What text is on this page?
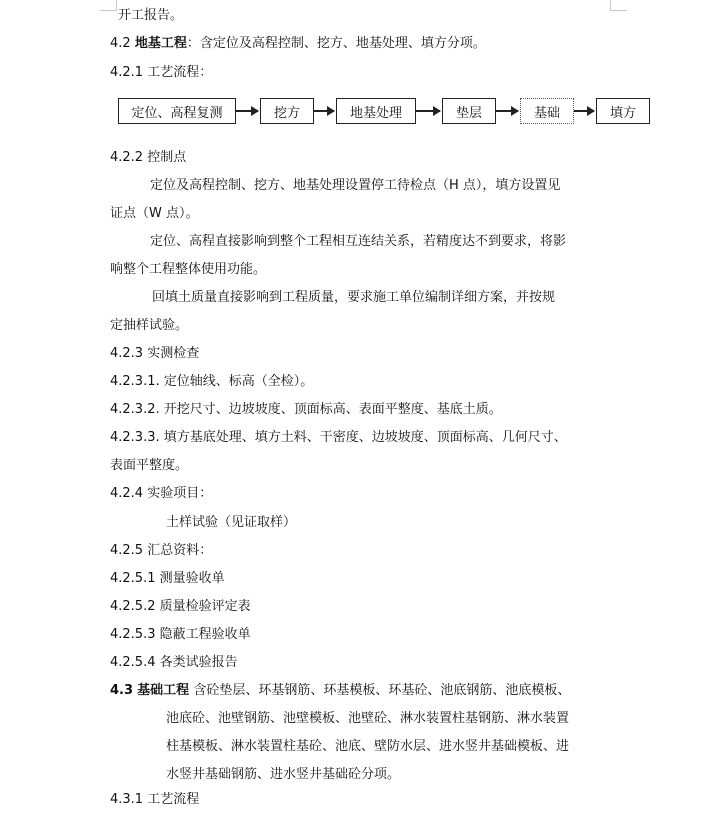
开工报告。
4.2 地基工程：含定位及高程控制、挖方、地基处理、填方分项。
4.2.1 工艺流程：
定位、高程复测	挖方	地基处理	垫层	基础	填方
4.2.2 控制点
定位及高程控制、挖方、地基处理设置停工待检点（H 点），填方设置见
证点（W 点）。
定位、高程直接影响到整个工程相互连结关系，若精度达不到要求，将影
响整个工程整体使用功能。
回填土质量直接影响到工程质量，要求施工单位编制详细方案，并按规
定抽样试验。
4.2.3 实测检查
4.2.3.1. 定位轴线、标高（全检）。
4.2.3.2. 开挖尺寸、边坡坡度、顶面标高、表面平整度、基底土质。
4.2.3.3. 填方基底处理、填方土料、干密度、边坡坡度、顶面标高、几何尺寸、
表面平整度。
4.2.4 实验项目：
土样试验（见证取样）
4.2.5 汇总资料：
4.2.5.1 测量验收单
4.2.5.2 质量检验评定表
4.2.5.3 隐蔽工程验收单
4.2.5.4 各类试验报告
4.3 基础工程 含砼垫层、环基钢筋、环基模板、环基砼、池底钢筋、池底模板、
池底砼、池壁钢筋、池壁模板、池壁砼、淋水装置柱基钢筋、淋水装置
柱基模板、淋水装置柱基砼、池底、壁防水层、进水竖井基础模板、进
水竖井基础钢筋、进水竖井基础砼分项。
4.3.1 工艺流程
